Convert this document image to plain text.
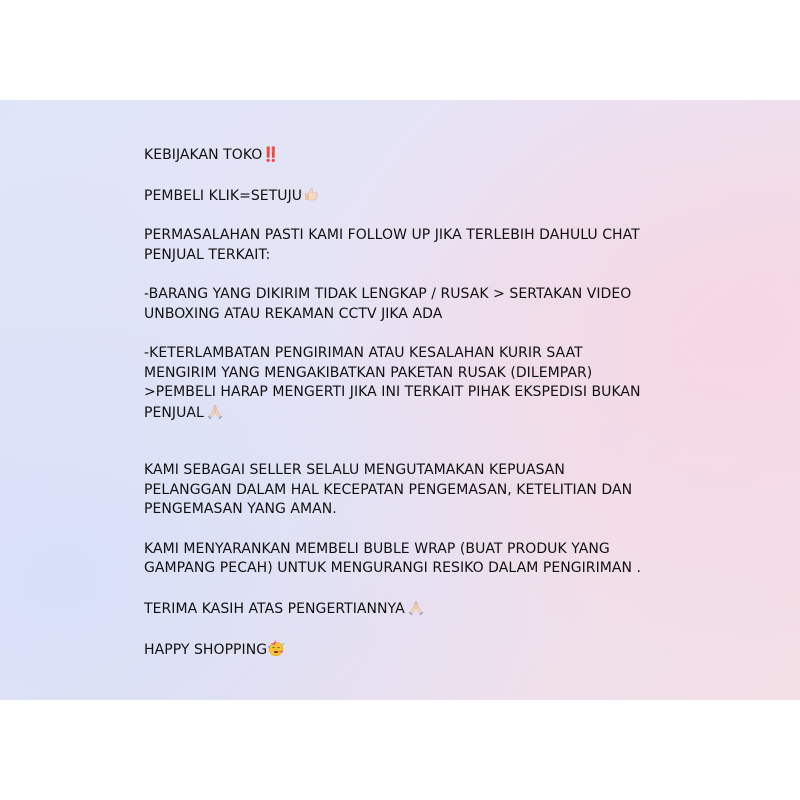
KEBIJAKAN TOKO‼️

PEMBELI KLIK=SETUJU

PERMASALAHAN PASTI KAMI FOLLOW UP JIKA TERLEBIH DAHULU CHAT
PENJUAL TERKAIT:

-BARANG YANG DIKIRIM TIDAK LENGKAP / RUSAK > SERTAKAN VIDEO
UNBOXING ATAU REKAMAN CCTV JIKA ADA

-KETERLAMBATAN PENGIRIMAN ATAU KESALAHAN KURIR SAAT
MENGIRIM YANG MENGAKIBATKAN PAKETAN RUSAK (DILEMPAR)
>PEMBELI HARAP MENGERTI JIKA INI TERKAIT PIHAK EKSPEDISI BUKAN
PENJUAL

KAMI SEBAGAI SELLER SELALU MENGUTAMAKAN KEPUASAN
PELANGGAN DALAM HAL KECEPATAN PENGEMASAN, KETELITIAN DAN
PENGEMASAN YANG AMAN.

KAMI MENYARANKAN MEMBELI BUBLE WRAP (BUAT PRODUK YANG
GAMPANG PECAH) UNTUK MENGURANGI RESIKO DALAM PENGIRIMAN .

TERIMA KASIH ATAS PENGERTIANNYA

HAPPY SHOPPING
